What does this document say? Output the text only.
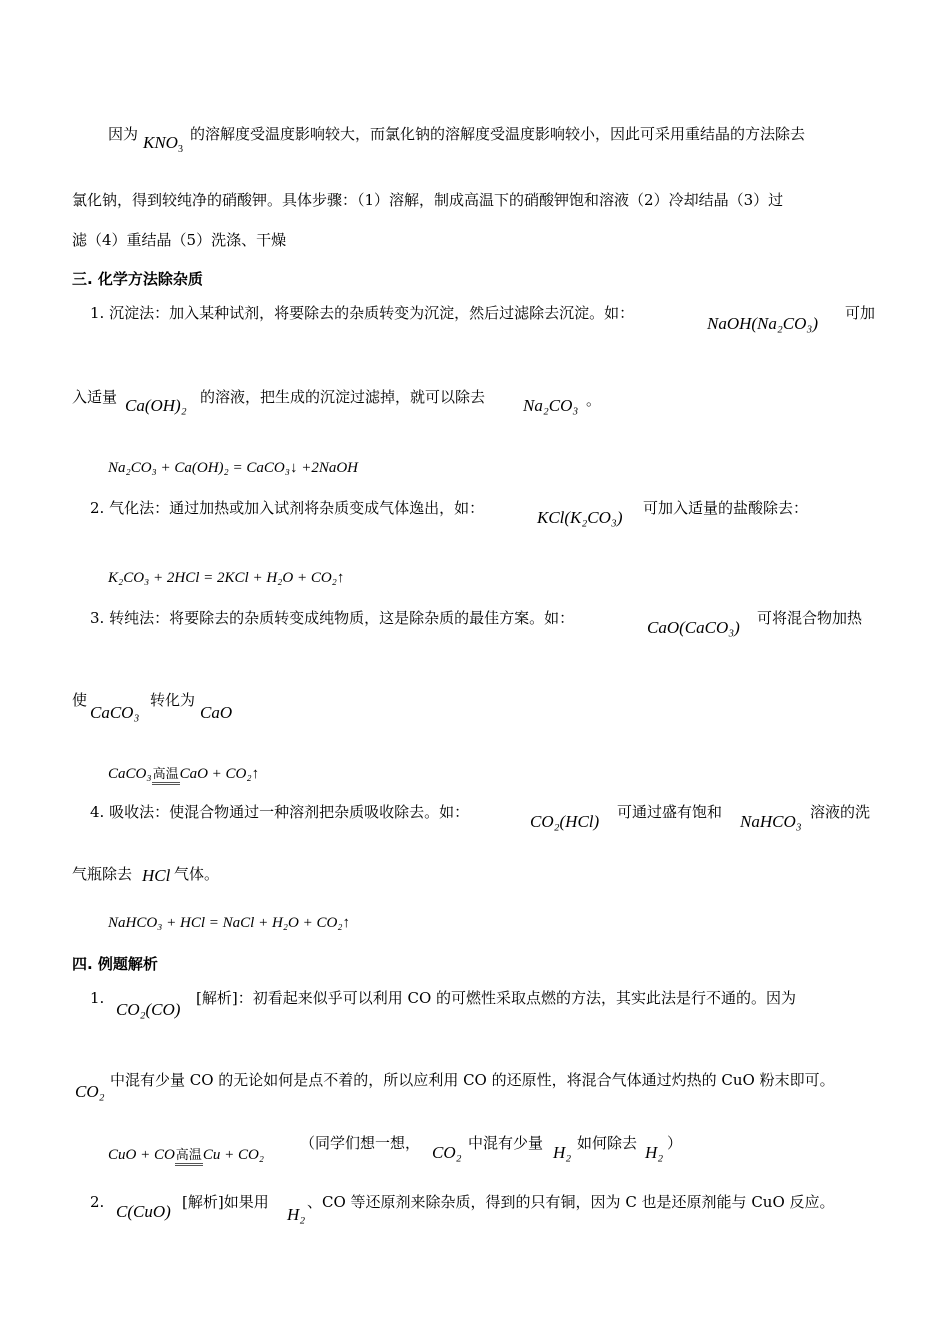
因为 $KNO_3$
的溶解度受温度影响较大，而氯化钠的溶解度受温度影响较小，因此可采用重结晶的方法除去
氯化钠，得到较纯净的硝酸钾。具体步骤：（1）溶解，制成高温下的硝酸钾饱和溶液（2）冷却结晶（3）过
滤（4）重结晶（5）洗涤、干燥
三. 化学方法除杂质
1. 沉淀法：加入某种试剂，将要除去的杂质转变为沉淀，然后过滤除去沉淀。如：
NaOH(Na₂CO₃)
可加
入适量 Ca(OH)₂ 的溶液，把生成的沉淀过滤掉，就可以除去 Na₂CO₃ 。
Na₂CO₃ + Ca(OH)₂ = CaCO₃↓ +2NaOH
2. 气化法：通过加热或加入试剂将杂质变成气体逸出，如：	KCl(K₂CO₃) 可加入适量的盐酸除去：
K₂CO₃ + 2HCl = 2KCl + H₂O + CO₂↑
3. 转纯法：将要除去的杂质转变成纯物质，这是除杂质的最佳方案。如：	CaO(CaCO₃) 可将混合物加热
使
CaCO₃
转化为
CaO
CaCO₃高温CaO + CO₂↑
4. 吸收法：使混合物通过一种溶剂把杂质吸收除去。如：	CO₂(HCl) 可通过盛有饱和 NaHCO₃ 溶液的洗
气瓶除去 HCl 气体。
NaHCO₃ + HCl = NaCl + H₂O + CO₂↑
四. 例题解析
1.
CO₂(CO)
[解析]：初看起来似乎可以利用 CO 的可燃性采取点燃的方法，其实此法是行不通的。因为
CO₂
中混有少量 CO 的无论如何是点不着的，所以应利用 CO 的还原性，将混合气体通过灼热的 CuO 粉末即可。
CuO + CO高温Cu + CO₂
（同学们想一想， CO₂ 中混有少量 H₂ 如何除去 H₂ ）
2. C(CuO) [解析]如果用
H₂
、CO 等还原剂来除杂质，得到的只有铜，因为 C 也是还原剂能与 CuO 反应。
